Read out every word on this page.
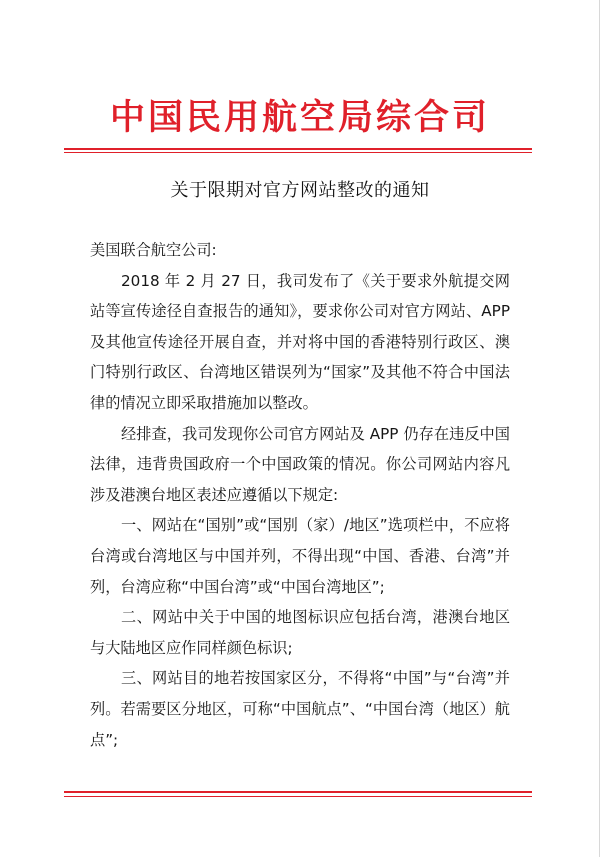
中国民用航空局综合司
关于限期对官方网站整改的通知

美国联合航空公司:

2018 年 2 月 27 日，我司发布了《关于要求外航提交网站等宣传途径自查报告的通知》，要求你公司对官方网站、APP 及其他宣传途径开展自查，并对将中国的香港特别行政区、澳门特别行政区、台湾地区错误列为“国家”及其他不符合中国法律的情况立即采取措施加以整改。

经排查，我司发现你公司官方网站及 APP 仍存在违反中国法律，违背贵国政府一个中国政策的情况。你公司网站内容凡涉及港澳台地区表述应遵循以下规定:

一、网站在“国别”或“国别（家）/地区”选项栏中，不应将台湾或台湾地区与中国并列，不得出现“中国、香港、台湾”并列，台湾应称“中国台湾”或“中国台湾地区”;

二、网站中关于中国的地图标识应包括台湾，港澳台地区与大陆地区应作同样颜色标识;

三、网站目的地若按国家区分，不得将“中国”与“台湾”并列。若需要区分地区，可称“中国航点”、“中国台湾（地区）航点”;
